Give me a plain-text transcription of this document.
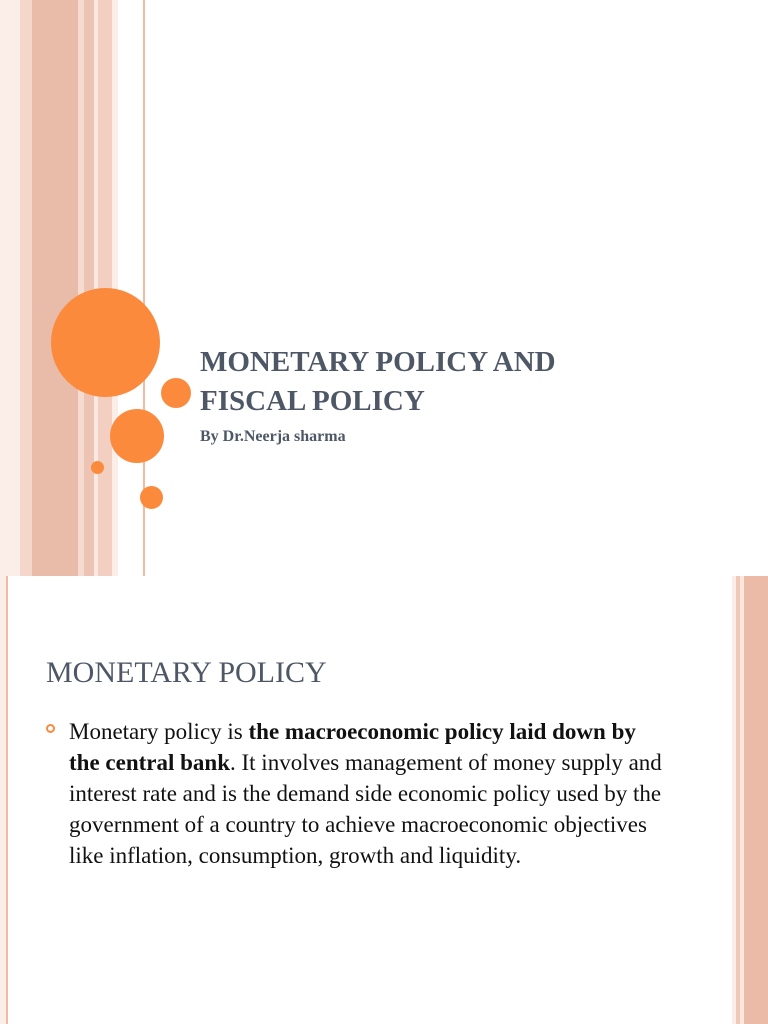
MONETARY POLICY AND
FISCAL POLICY

By Dr.Neerja sharma

MONETARY POLICY

Monetary policy is the macroeconomic policy laid down by the central bank. It involves management of money supply and interest rate and is the demand side economic policy used by the government of a country to achieve macroeconomic objectives like inflation, consumption, growth and liquidity.
